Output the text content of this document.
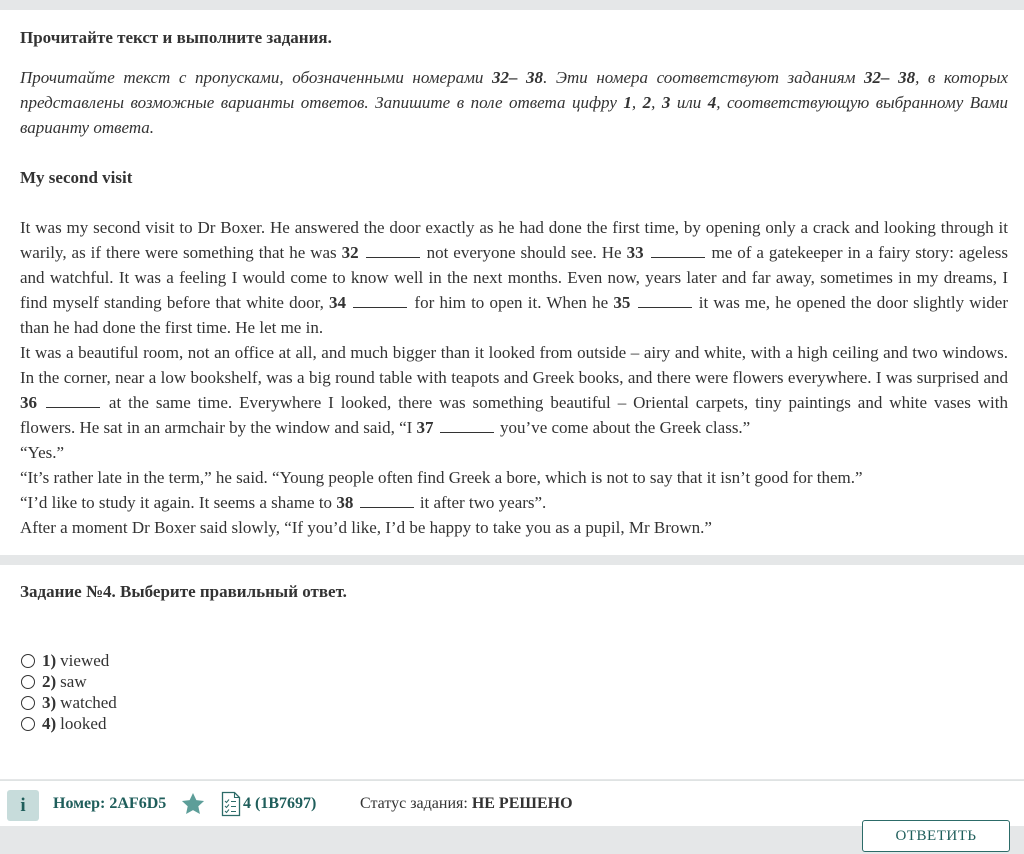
Прочитайте текст и выполните задания.
Прочитайте текст с пропусками, обозначенными номерами 32– 38. Эти номера соответствуют заданиям 32– 38, в которых представлены возможные варианты ответов. Запишите в поле ответа цифру 1, 2, 3 или 4, соответствующую выбранному Вами варианту ответа.
My second visit
It was my second visit to Dr Boxer. He answered the door exactly as he had done the first time, by opening only a crack and looking through it warily, as if there were something that he was 32	not everyone should see. He 33	me of a gatekeeper in a fairy story: ageless and watchful. It was a feeling I would come to know well in the next months. Even now, years later and far away, sometimes in my dreams, I find myself standing before that white door, 34	for him to open it. When he 35	it was me, he opened the door slightly wider than he had done the first time. He let me in.
It was a beautiful room, not an office at all, and much bigger than it looked from outside – airy and white, with a high ceiling and two windows. In the corner, near a low bookshelf, was a big round table with teapots and Greek books, and there were flowers everywhere. I was surprised and 36	at the same time. Everywhere I looked, there was something beautiful – Oriental carpets, tiny paintings and white vases with flowers. He sat in an armchair by the window and said, “I 37	you’ve come about the Greek class.”
“Yes.”
“It’s rather late in the term,” he said. “Young people often find Greek a bore, which is not to say that it isn’t good for them.”
“I’d like to study it again. It seems a shame to 38	it after two years”.
After a moment Dr Boxer said slowly, “If you’d like, I’d be happy to take you as a pupil, Mr Brown.”
Задание №4. Выберите правильный ответ.
1) viewed
2) saw
3) watched
4) looked
i	Номер: 2AF6D5	4 (1B7697)	Статус задания: НЕ РЕШЕНО
ОТВЕТИТЬ
